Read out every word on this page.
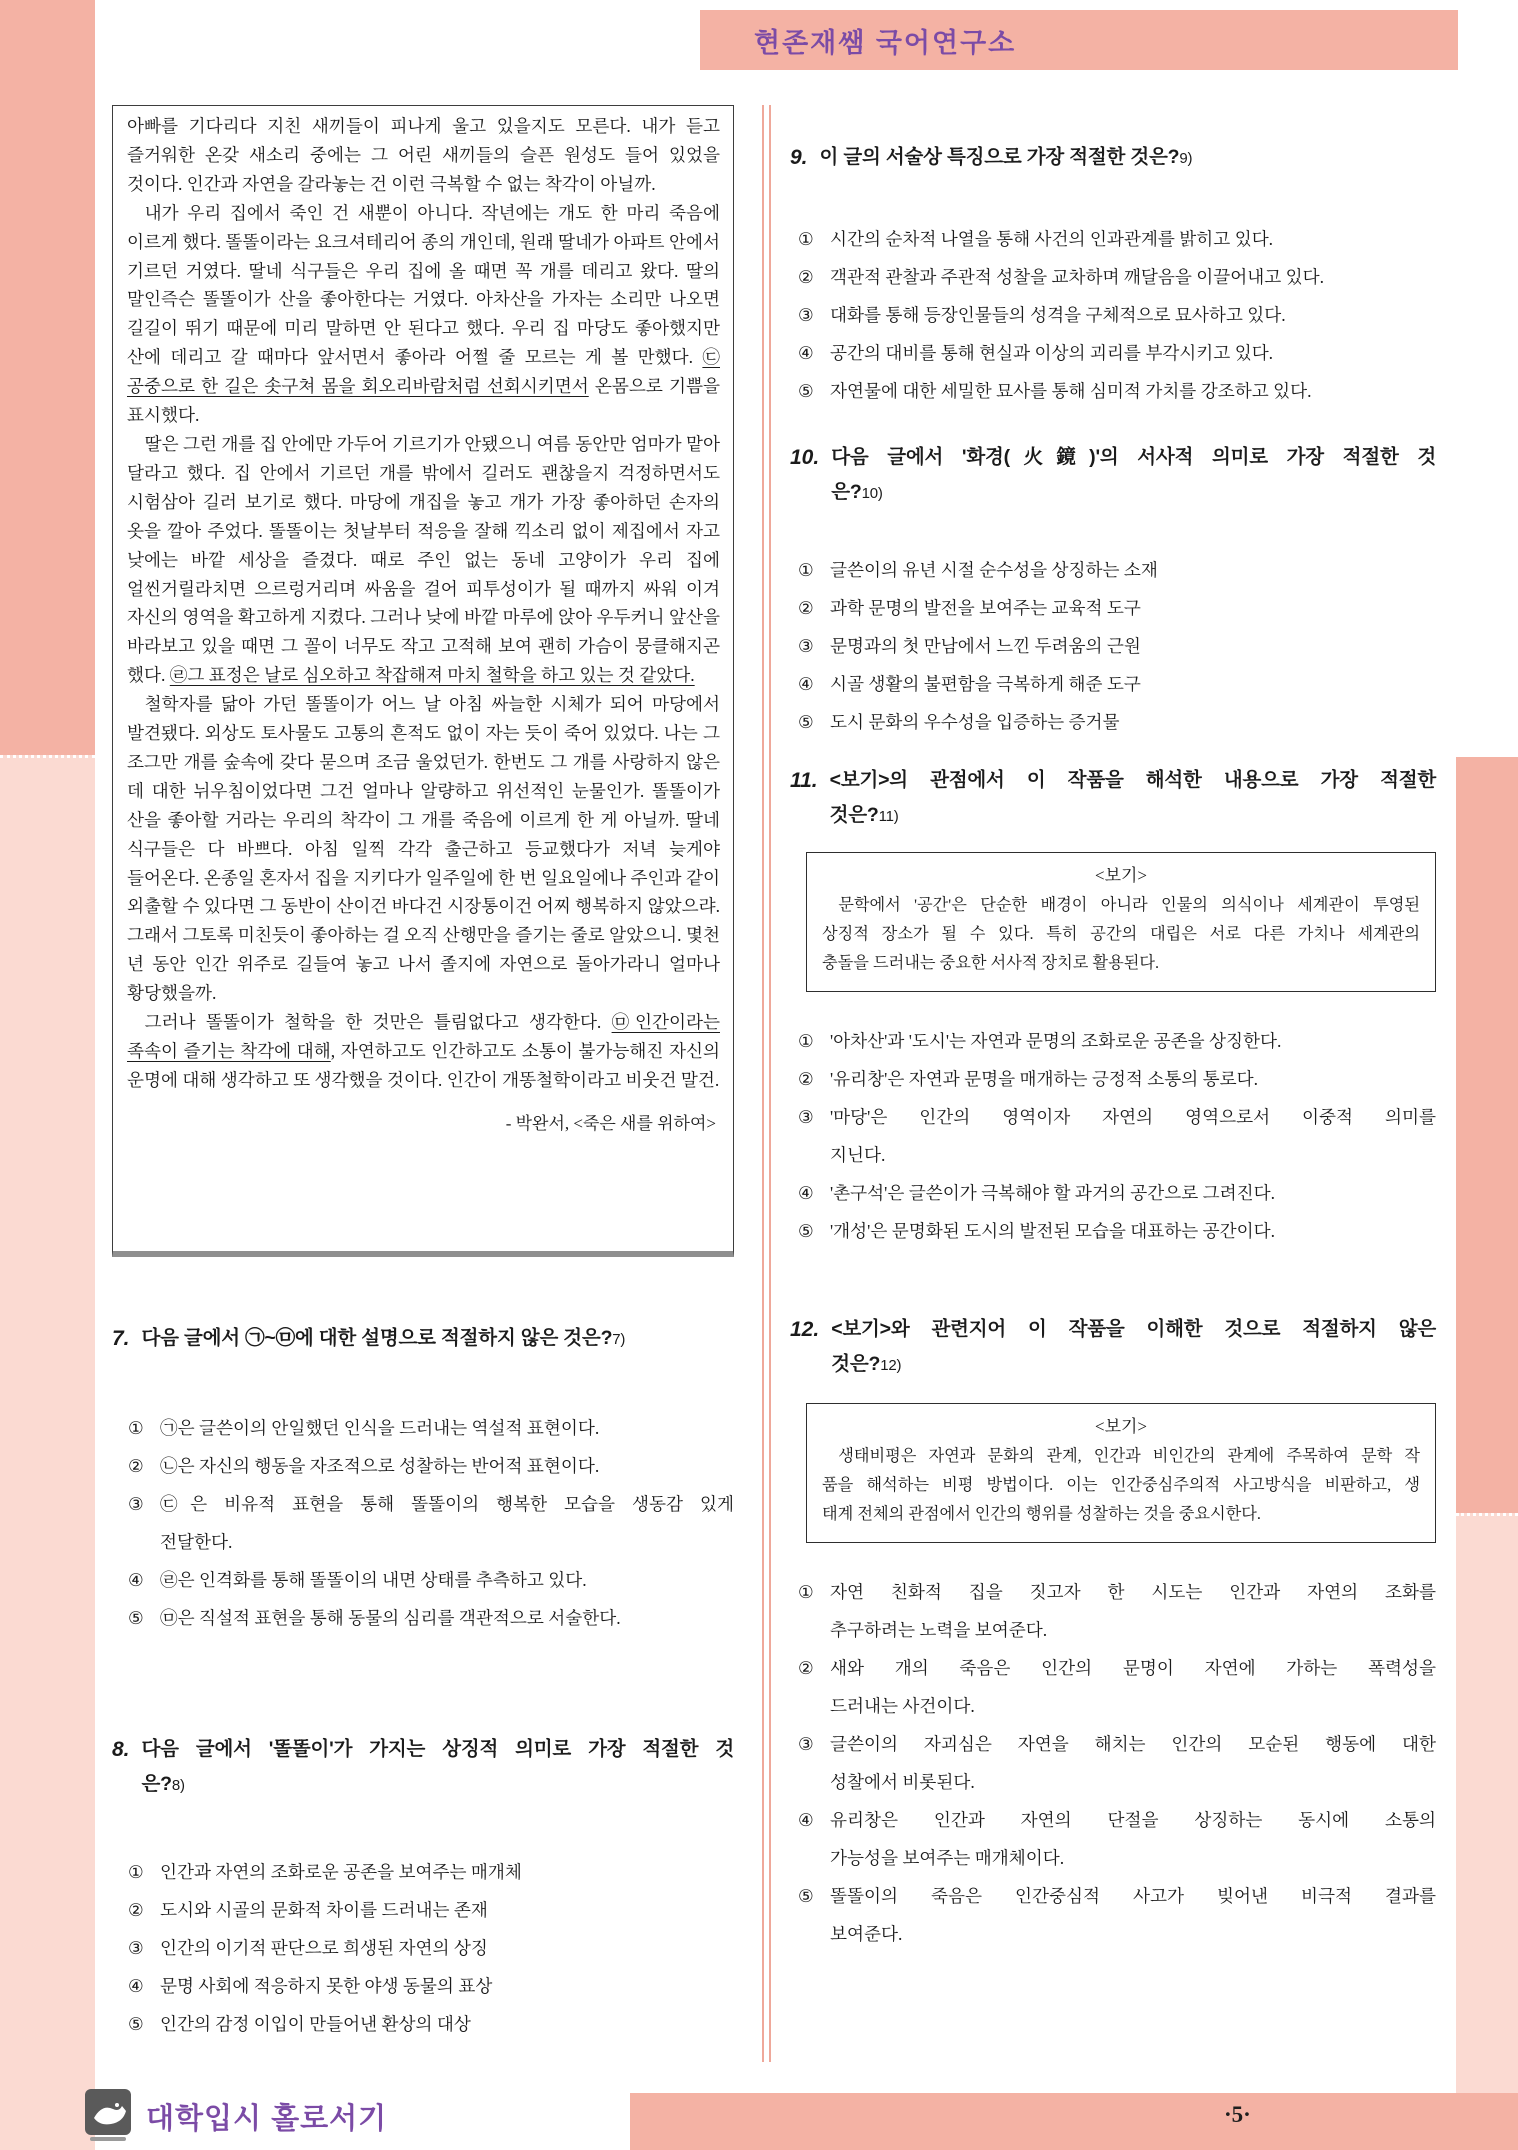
현존재쌤 국어연구소

아빠를 기다리다 지친 새끼들이 피나게 울고 있을지도 모른다. 내가 듣고 즐거워한 온갖 새소리 중에는 그 어린 새끼들의 슬픈 원성도 들어 있었을 것이다. 인간과 자연을 갈라놓는 건 이런 극복할 수 없는 착각이 아닐까.

내가 우리 집에서 죽인 건 새뿐이 아니다. 작년에는 개도 한 마리 죽음에 이르게 했다. 똘똘이라는 요크셔테리어 종의 개인데, 원래 딸네가 아파트 안에서 기르던 거였다. 딸네 식구들은 우리 집에 올 때면 꼭 개를 데리고 왔다. 딸의 말인즉슨 똘똘이가 산을 좋아한다는 거였다. 아차산을 가자는 소리만 나오면 길길이 뛰기 때문에 미리 말하면 안 된다고 했다. 우리 집 마당도 좋아했지만 산에 데리고 갈 때마다 앞서면서 좋아라 어쩔 줄 모르는 게 볼 만했다. ㉢공중으로 한 길은 솟구쳐 몸을 회오리바람처럼 선회시키면서 온몸으로 기쁨을 표시했다.

딸은 그런 개를 집 안에만 가두어 기르기가 안됐으니 여름 동안만 엄마가 맡아 달라고 했다. 집 안에서 기르던 개를 밖에서 길러도 괜찮을지 걱정하면서도 시험삼아 길러 보기로 했다. 마당에 개집을 놓고 개가 가장 좋아하던 손자의 옷을 깔아 주었다. 똘똘이는 첫날부터 적응을 잘해 끽소리 없이 제집에서 자고 낮에는 바깥 세상을 즐겼다. 때로 주인 없는 동네 고양이가 우리 집에 얼씬거릴라치면 으르렁거리며 싸움을 걸어 피투성이가 될 때까지 싸워 이겨 자신의 영역을 확고하게 지켰다. 그러나 낮에 바깥 마루에 앉아 우두커니 앞산을 바라보고 있을 때면 그 꼴이 너무도 작고 고적해 보여 괜히 가슴이 뭉클해지곤 했다. ㉣그 표정은 날로 심오하고 착잡해져 마치 철학을 하고 있는 것 같았다.

철학자를 닮아 가던 똘똘이가 어느 날 아침 싸늘한 시체가 되어 마당에서 발견됐다. 외상도 토사물도 고통의 흔적도 없이 자는 듯이 죽어 있었다. 나는 그 조그만 개를 숲속에 갖다 묻으며 조금 울었던가. 한번도 그 개를 사랑하지 않은 데 대한 뉘우침이었다면 그건 얼마나 알량하고 위선적인 눈물인가. 똘똘이가 산을 좋아할 거라는 우리의 착각이 그 개를 죽음에 이르게 한 게 아닐까. 딸네 식구들은 다 바쁘다. 아침 일찍 각각 출근하고 등교했다가 저녁 늦게야 들어온다. 온종일 혼자서 집을 지키다가 일주일에 한 번 일요일에나 주인과 같이 외출할 수 있다면 그 동반이 산이건 바다건 시장통이건 어찌 행복하지 않았으랴. 그래서 그토록 미친듯이 좋아하는 걸 오직 산행만을 즐기는 줄로 알았으니. 몇천 년 동안 인간 위주로 길들여 놓고 나서 졸지에 자연으로 돌아가라니 얼마나 황당했을까.

그러나 똘똘이가 철학을 한 것만은 틀림없다고 생각한다. ㉤인간이라는 족속이 즐기는 착각에 대해, 자연하고도 인간하고도 소통이 불가능해진 자신의 운명에 대해 생각하고 또 생각했을 것이다. 인간이 개똥철학이라고 비웃건 말건.

- 박완서, <죽은 새를 위하여>
7. 다음 글에서 ㉠~㉤에 대한 설명으로 적절하지 않은 것은?7)
① ㉠은 글쓴이의 안일했던 인식을 드러내는 역설적 표현이다.
② ㉡은 자신의 행동을 자조적으로 성찰하는 반어적 표현이다.
③ ㉢은 비유적 표현을 통해 똘똘이의 행복한 모습을 생동감 있게
전달한다.
④ ㉣은 인격화를 통해 똘똘이의 내면 상태를 추측하고 있다.
⑤ ㉤은 직설적 표현을 통해 동물의 심리를 객관적으로 서술한다.
8. 다음 글에서 '똘똘이'가 가지는 상징적 의미로 가장 적절한 것
은?8)
① 인간과 자연의 조화로운 공존을 보여주는 매개체
② 도시와 시골의 문화적 차이를 드러내는 존재
③ 인간의 이기적 판단으로 희생된 자연의 상징
④ 문명 사회에 적응하지 못한 야생 동물의 표상
⑤ 인간의 감정 이입이 만들어낸 환상의 대상
9. 이 글의 서술상 특징으로 가장 적절한 것은?9)
① 시간의 순차적 나열을 통해 사건의 인과관계를 밝히고 있다.
② 객관적 관찰과 주관적 성찰을 교차하며 깨달음을 이끌어내고 있다.
③ 대화를 통해 등장인물들의 성격을 구체적으로 묘사하고 있다.
④ 공간의 대비를 통해 현실과 이상의 괴리를 부각시키고 있다.
⑤ 자연물에 대한 세밀한 묘사를 통해 심미적 가치를 강조하고 있다.
10. 다음 글에서 '화경(火鏡)'의 서사적 의미로 가장 적절한 것
은?10)
① 글쓴이의 유년 시절 순수성을 상징하는 소재
② 과학 문명의 발전을 보여주는 교육적 도구
③ 문명과의 첫 만남에서 느낀 두려움의 근원
④ 시골 생활의 불편함을 극복하게 해준 도구
⑤ 도시 문화의 우수성을 입증하는 증거물
11. <보기>의 관점에서 이 작품을 해석한 내용으로 가장 적절한
것은?11)
<보기>
문학에서 '공간'은 단순한 배경이 아니라 인물의 의식이나 세계관이 투영된
상징적 장소가 될 수 있다. 특히 공간의 대립은 서로 다른 가치나 세계관의
충돌을 드러내는 중요한 서사적 장치로 활용된다.
① '아차산'과 '도시'는 자연과 문명의 조화로운 공존을 상징한다.
② '유리창'은 자연과 문명을 매개하는 긍정적 소통의 통로다.
③ '마당'은 인간의 영역이자 자연의 영역으로서 이중적 의미를
지닌다.
④ '촌구석'은 글쓴이가 극복해야 할 과거의 공간으로 그려진다.
⑤ '개성'은 문명화된 도시의 발전된 모습을 대표하는 공간이다.
12. <보기>와 관련지어 이 작품을 이해한 것으로 적절하지 않은
것은?12)
<보기>
생태비평은 자연과 문화의 관계, 인간과 비인간의 관계에 주목하여 문학 작
품을 해석하는 비평 방법이다. 이는 인간중심주의적 사고방식을 비판하고, 생
태계 전체의 관점에서 인간의 행위를 성찰하는 것을 중요시한다.
① 자연 친화적 집을 짓고자 한 시도는 인간과 자연의 조화를
추구하려는 노력을 보여준다.
② 새와 개의 죽음은 인간의 문명이 자연에 가하는 폭력성을
드러내는 사건이다.
③ 글쓴이의 자괴심은 자연을 해치는 인간의 모순된 행동에 대한
성찰에서 비롯된다.
④ 유리창은 인간과 자연의 단절을 상징하는 동시에 소통의
가능성을 보여주는 매개체이다.
⑤ 똘똘이의 죽음은 인간중심적 사고가 빚어낸 비극적 결과를
보여준다.
대학입시 홀로서기	·5·
